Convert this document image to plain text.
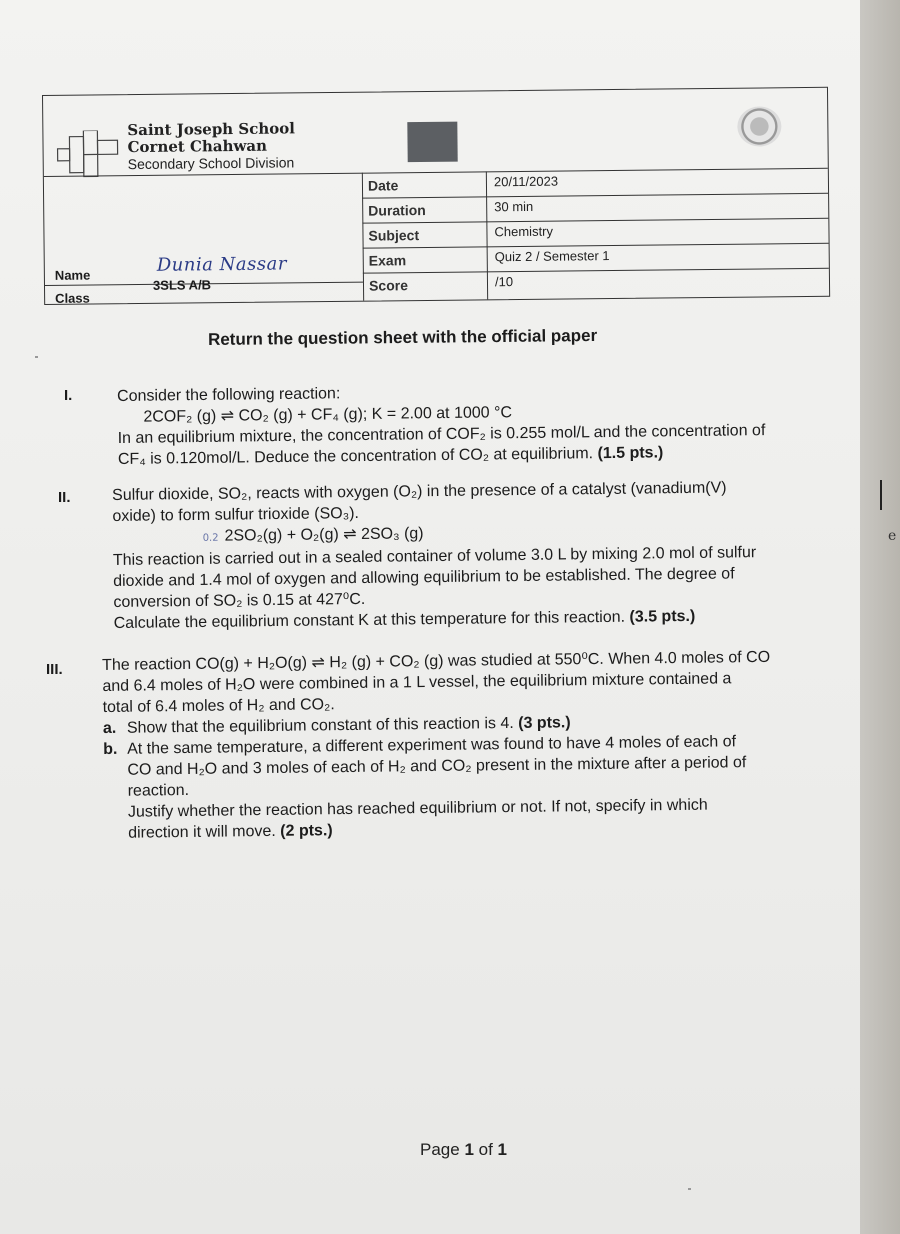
e
Saint Joseph School
Cornet Chahwan
Secondary School Division
Date	20/11/2023
Duration	30 min
Subject	Chemistry
Exam	Quiz 2 / Semester 1
Score	/10
Name	Dunia Nassar
Class
3SLS A/B
Return the question sheet with the official paper
I.	Consider the following reaction:
2COF₂ (g) ⇌ CO₂ (g) + CF₄ (g); K = 2.00 at 1000 °C
In an equilibrium mixture, the concentration of COF₂ is 0.255 mol/L and the concentration of
CF₄ is 0.120mol/L. Deduce the concentration of CO₂ at equilibrium. (1.5 pts.)
II.	Sulfur dioxide, SO₂, reacts with oxygen (O₂) in the presence of a catalyst (vanadium(V)
oxide) to form sulfur trioxide (SO₃).
0.2 2SO₂(g) + O₂(g) ⇌ 2SO₃ (g)
This reaction is carried out in a sealed container of volume 3.0 L by mixing 2.0 mol of sulfur
dioxide and 1.4 mol of oxygen and allowing equilibrium to be established. The degree of
conversion of SO₂ is 0.15 at 427⁰C.
Calculate the equilibrium constant K at this temperature for this reaction. (3.5 pts.)
III. The reaction CO(g) + H₂O(g) ⇌ H₂ (g) + CO₂ (g) was studied at 550⁰C. When 4.0 moles of CO
and 6.4 moles of H₂O were combined in a 1 L vessel, the equilibrium mixture contained a
total of 6.4 moles of H₂ and CO₂.
a. Show that the equilibrium constant of this reaction is 4. (3 pts.)
b. At the same temperature, a different experiment was found to have 4 moles of each of
CO and H₂O and 3 moles of each of H₂ and CO₂ present in the mixture after a period of
reaction.
Justify whether the reaction has reached equilibrium or not. If not, specify in which
direction it will move. (2 pts.)
Page 1 of 1
